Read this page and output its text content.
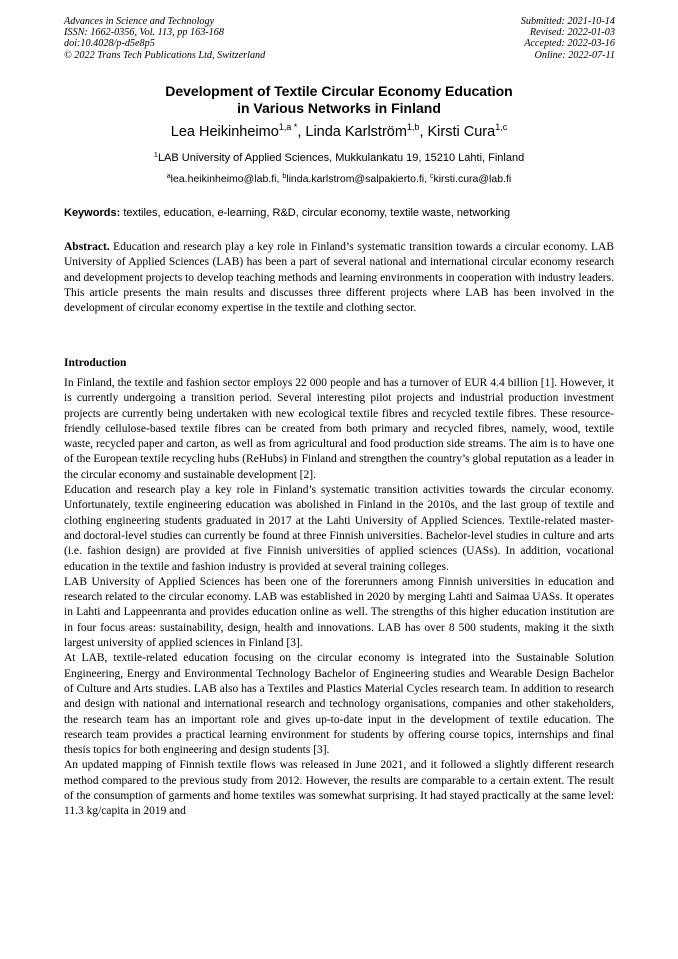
Advances in Science and Technology
ISSN: 1662-0356, Vol. 113, pp 163-168
doi:10.4028/p-d5e8p5
© 2022 Trans Tech Publications Ltd, Switzerland
Submitted: 2021-10-14
Revised: 2022-01-03
Accepted: 2022-03-16
Online: 2022-07-11
Development of Textile Circular Economy Education
in Various Networks in Finland
Lea Heikinheimo$^{1,a *}$, Linda Karlström$^{1,b}$, Kirsti Cura$^{1,c}$
$^1$LAB University of Applied Sciences, Mukkulankatu 19, 15210 Lahti, Finland
$^a$lea.heikinheimo@lab.fi, $^b$linda.karlstrom@salpakierto.fi, $^c$kirsti.cura@lab.fi
Keywords: textiles, education, e-learning, R&D, circular economy, textile waste, networking
Abstract. Education and research play a key role in Finland’s systematic transition towards a circular economy. LAB University of Applied Sciences (LAB) has been a part of several national and international circular economy research and development projects to develop teaching methods and learning environments in cooperation with industry leaders. This article presents the main results and discusses three different projects where LAB has been involved in the development of circular economy expertise in the textile and clothing sector.
Introduction

In Finland, the textile and fashion sector employs 22 000 people and has a turnover of EUR 4.4 billion [1]. However, it is currently undergoing a transition period. Several interesting pilot projects and industrial production investment projects are currently being undertaken with new ecological textile fibres and recycled textile fibres. These resource-friendly cellulose-based textile fibres can be created from both primary and recycled fibres, namely, wood, textile waste, recycled paper and carton, as well as from agricultural and food production side streams. The aim is to have one of the European textile recycling hubs (ReHubs) in Finland and strengthen the country’s global reputation as a leader in the circular economy and sustainable development [2].

Education and research play a key role in Finland’s systematic transition activities towards the circular economy. Unfortunately, textile engineering education was abolished in Finland in the 2010s, and the last group of textile and clothing engineering students graduated in 2017 at the Lahti University of Applied Sciences. Textile-related master- and doctoral-level studies can currently be found at three Finnish universities. Bachelor-level studies in culture and arts (i.e. fashion design) are provided at five Finnish universities of applied sciences (UASs). In addition, vocational education in the textile and fashion industry is provided at several training colleges.

LAB University of Applied Sciences has been one of the forerunners among Finnish universities in education and research related to the circular economy. LAB was established in 2020 by merging Lahti and Saimaa UASs. It operates in Lahti and Lappeenranta and provides education online as well. The strengths of this higher education institution are in four focus areas: sustainability, design, health and innovations. LAB has over 8 500 students, making it the sixth largest university of applied sciences in Finland [3].

At LAB, textile-related education focusing on the circular economy is integrated into the Sustainable Solution Engineering, Energy and Environmental Technology Bachelor of Engineering studies and Wearable Design Bachelor of Culture and Arts studies. LAB also has a Textiles and Plastics Material Cycles research team. In addition to research and design with national and international research and technology organisations, companies and other stakeholders, the research team has an important role and gives up-to-date input in the development of textile education. The research team provides a practical learning environment for students by offering course topics, internships and final thesis topics for both engineering and design students [3].

An updated mapping of Finnish textile flows was released in June 2021, and it followed a slightly different research method compared to the previous study from 2012. However, the results are comparable to a certain extent. The result of the consumption of garments and home textiles was somewhat surprising. It had stayed practically at the same level: 11.3 kg/capita in 2019 and
